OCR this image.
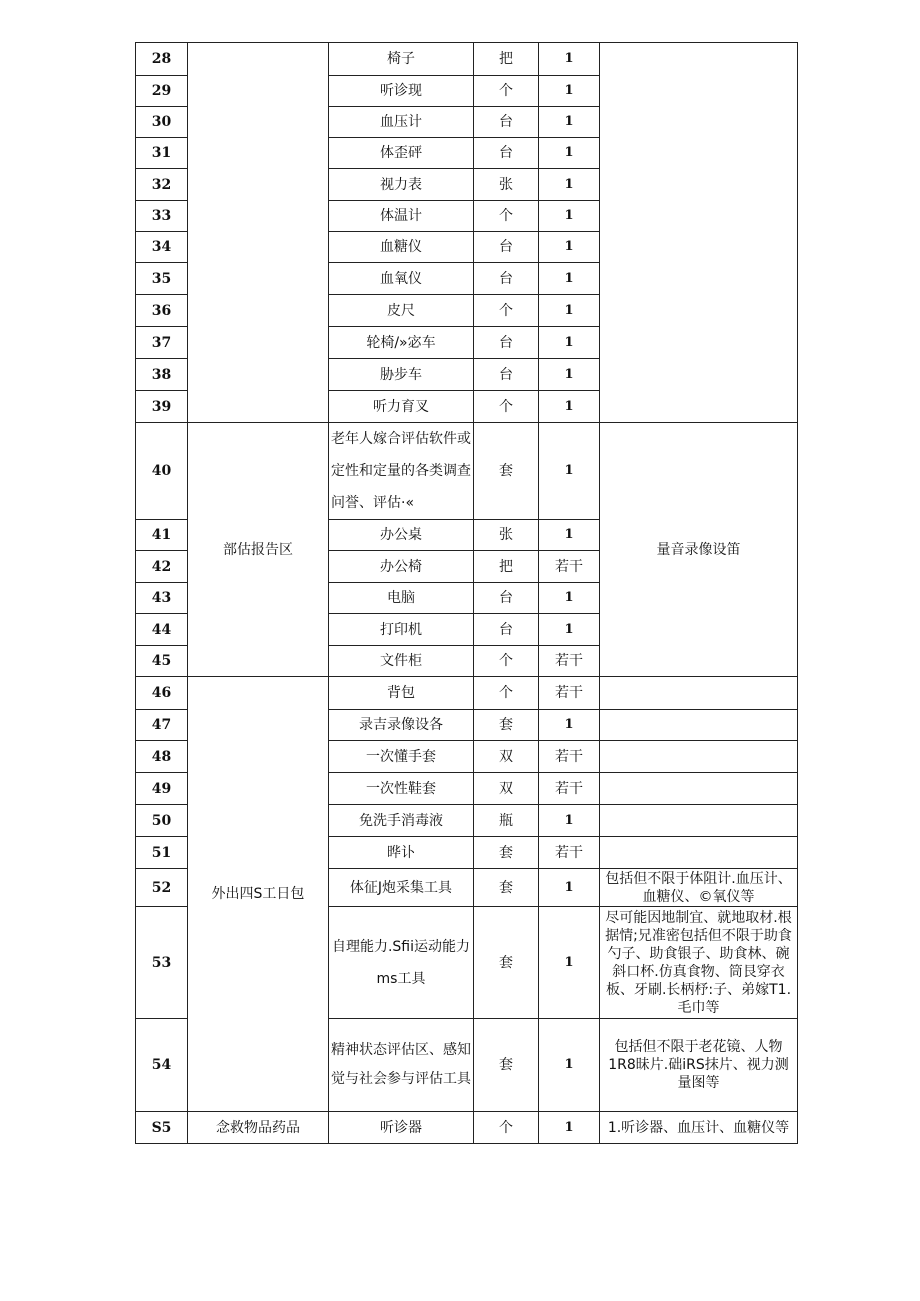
28		椅子	把	1	
29		听诊现	个	1	
30		血压计	台	1	
31		体歪砰	台	1	
32		视力表	张	1	
33		体温计	个	1	
34		血糖仪	台	1	
35		血氧仪	台	1	
36		皮尺	个	1	
37		轮椅/»宓车	台	1	
38		胁步车	台	1	
39		听力育叉	个	1	
40	部估报告区	老年人嫁合评估软件或定性和定量的各类调查问誉、评估·«	套	1	量音录像设笛
41		办公桌	张	1	
42		办公椅	把	若干	
43		电脑	台	1	
44		打印机	台	1	
45		文件柜	个	若干	
46	外出四S工日包	背包	个	若干	
47		录吉录像设各	套	1	
48		一次懂手套	双	若干	
49		一次性鞋套	双	若干	
50		免洗手消毒液	瓶	1	
51		晔讣	套	若干	
52		体征J炮采集工具	套	1	包括但不限于体阻计.血压计、血糖仪、©氧仪等
53		自理能力.Sfii运动能力ms工具	套	1	尽可能因地制宜、就地取材.根据情;兄准密包括但不限于助食勺子、助食银子、助食林、碗斜口杯.仿真食物、筒艮穿衣板、牙刷.长柄杼:子、弟嫁T1.毛巾等
54		精神状态评估区、感知觉与社会参与评估工具	套	1	包括但不限于老花镜、人物1R8昧片.础iRS抹片、视力测量图等
S5	念救物品药品	听诊器	个	1	1.听诊器、血压计、血糖仪等
